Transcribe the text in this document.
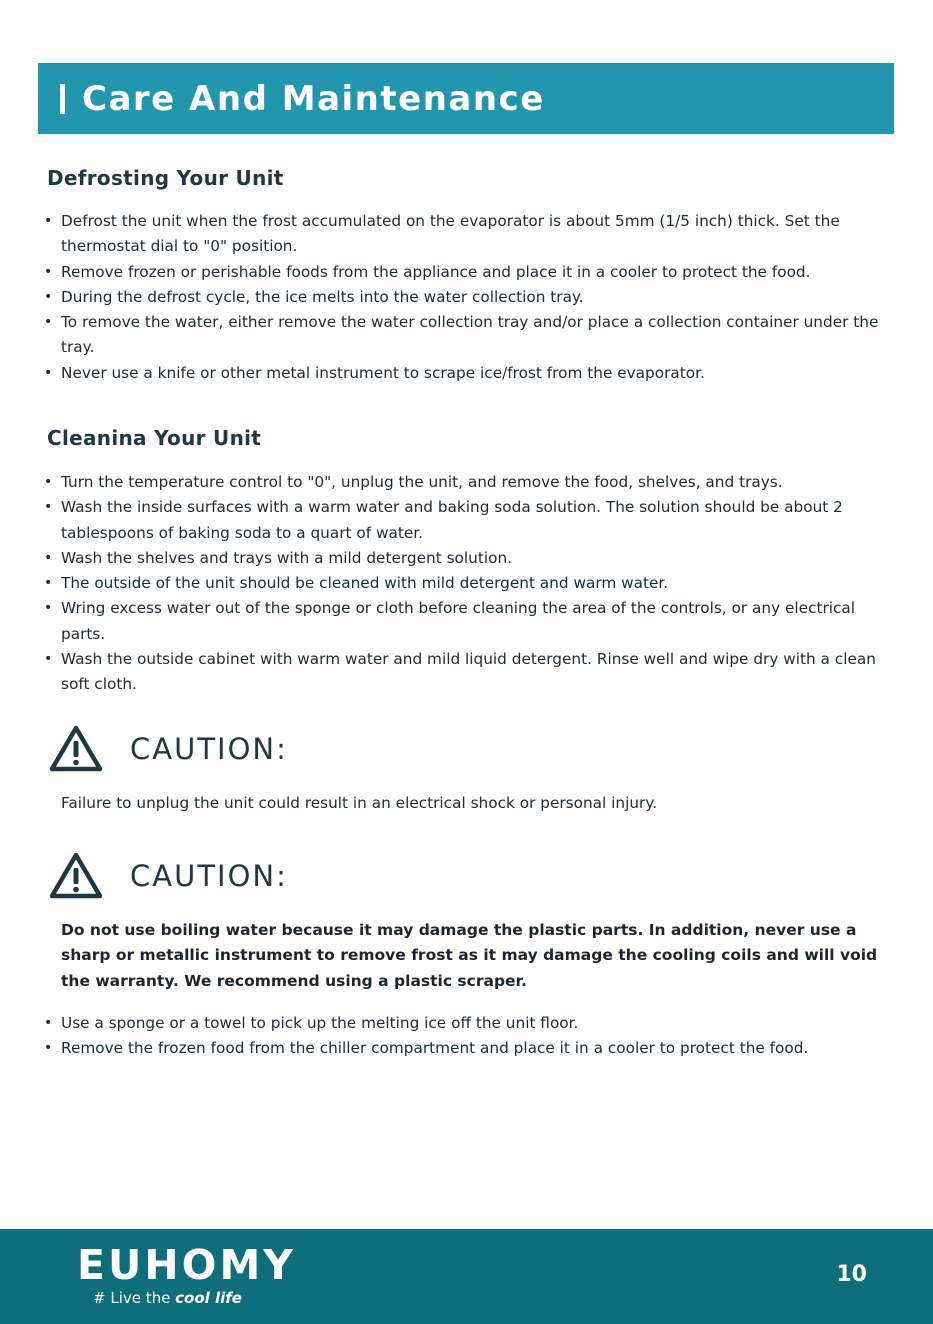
Care And Maintenance
Defrosting Your Unit
• Defrost the unit when the frost accumulated on the evaporator is about 5mm (1/5 inch) thick. Set the thermostat dial to "0" position.
• Remove frozen or perishable foods from the appliance and place it in a cooler to protect the food.
• During the defrost cycle, the ice melts into the water collection tray.
• To remove the water, either remove the water collection tray and/or place a collection container under the tray.
• Never use a knife or other metal instrument to scrape ice/frost from the evaporator.
Cleanina Your Unit
• Turn the temperature control to "0", unplug the unit, and remove the food, shelves, and trays.
• Wash the inside surfaces with a warm water and baking soda solution. The solution should be about 2 tablespoons of baking soda to a quart of water.
• Wash the shelves and trays with a mild detergent solution.
• The outside of the unit should be cleaned with mild detergent and warm water.
• Wring excess water out of the sponge or cloth before cleaning the area of the controls, or any electrical parts.
• Wash the outside cabinet with warm water and mild liquid detergent. Rinse well and wipe dry with a clean soft cloth.
CAUTION:
Failure to unplug the unit could result in an electrical shock or personal injury.
CAUTION:
Do not use boiling water because it may damage the plastic parts. In addition, never use a sharp or metallic instrument to remove frost as it may damage the cooling coils and will void the warranty. We recommend using a plastic scraper.
• Use a sponge or a towel to pick up the melting ice off the unit floor.
• Remove the frozen food from the chiller compartment and place it in a cooler to protect the food.
EUHOMY
# Live the cool life
10
